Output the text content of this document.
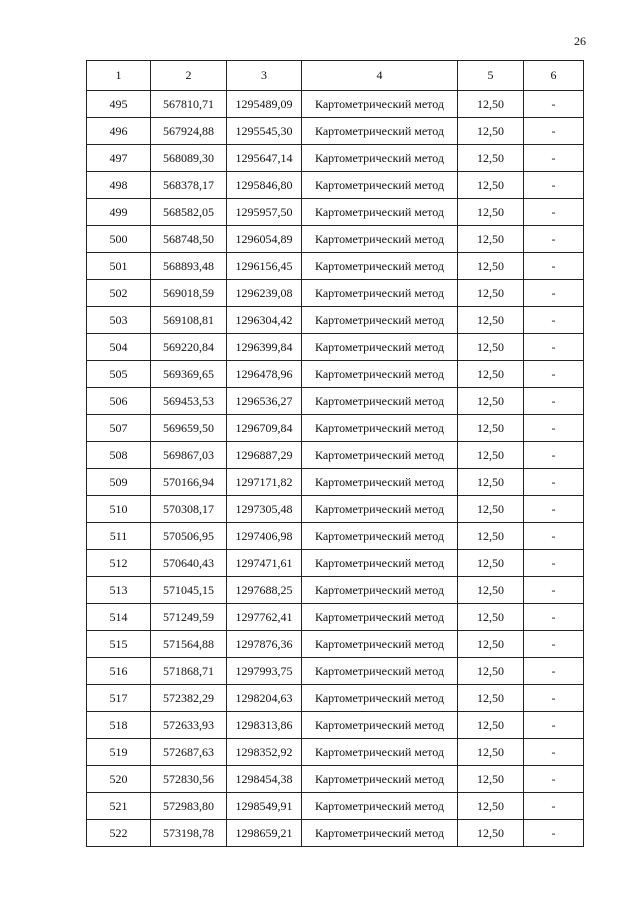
26
1	2	3	4	5	6
495	567810,71	1295489,09	Картометрический метод	12,50	-
496	567924,88	1295545,30	Картометрический метод	12,50	-
497	568089,30	1295647,14	Картометрический метод	12,50	-
498	568378,17	1295846,80	Картометрический метод	12,50	-
499	568582,05	1295957,50	Картометрический метод	12,50	-
500	568748,50	1296054,89	Картометрический метод	12,50	-
501	568893,48	1296156,45	Картометрический метод	12,50	-
502	569018,59	1296239,08	Картометрический метод	12,50	-
503	569108,81	1296304,42	Картометрический метод	12,50	-
504	569220,84	1296399,84	Картометрический метод	12,50	-
505	569369,65	1296478,96	Картометрический метод	12,50	-
506	569453,53	1296536,27	Картометрический метод	12,50	-
507	569659,50	1296709,84	Картометрический метод	12,50	-
508	569867,03	1296887,29	Картометрический метод	12,50	-
509	570166,94	1297171,82	Картометрический метод	12,50	-
510	570308,17	1297305,48	Картометрический метод	12,50	-
511	570506,95	1297406,98	Картометрический метод	12,50	-
512	570640,43	1297471,61	Картометрический метод	12,50	-
513	571045,15	1297688,25	Картометрический метод	12,50	-
514	571249,59	1297762,41	Картометрический метод	12,50	-
515	571564,88	1297876,36	Картометрический метод	12,50	-
516	571868,71	1297993,75	Картометрический метод	12,50	-
517	572382,29	1298204,63	Картометрический метод	12,50	-
518	572633,93	1298313,86	Картометрический метод	12,50	-
519	572687,63	1298352,92	Картометрический метод	12,50	-
520	572830,56	1298454,38	Картометрический метод	12,50	-
521	572983,80	1298549,91	Картометрический метод	12,50	-
522	573198,78	1298659,21	Картометрический метод	12,50	-
